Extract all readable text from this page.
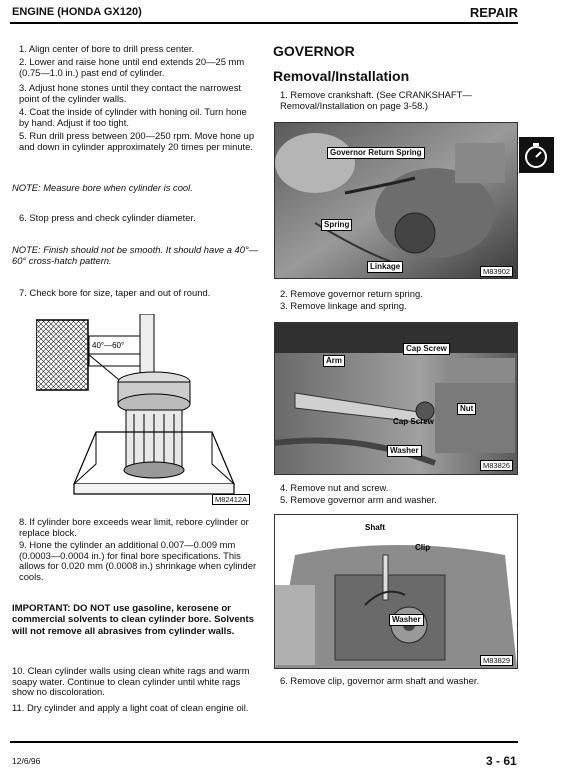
ENGINE (HONDA GX120)	REPAIR
1. Align center of bore to drill press center.
2. Lower and raise hone until end extends 20—25 mm (0.75—1.0 in.) past end of cylinder.
3. Adjust hone stones until they contact the narrowest point of the cylinder walls.
4. Coat the inside of cylinder with honing oil. Turn hone by hand. Adjust if too tight.
5. Run drill press between 200—250 rpm. Move hone up and down in cylinder approximately 20 times per minute.
NOTE: Measure bore when cylinder is cool.
6. Stop press and check cylinder diameter.
NOTE: Finish should not be smooth. It should have a 40°—60° cross-hatch pattern.
7. Check bore for size, taper and out of round.
40°—60°
M82412A
8. If cylinder bore exceeds wear limit, rebore cylinder or replace block.
9. Hone the cylinder an additional 0.007—0.009 mm (0.0003—0.0004 in.) for final bore specifications. This allows for 0.020 mm (0.0008 in.) shrinkage when cylinder cools.
IMPORTANT: DO NOT use gasoline, kerosene or commercial solvents to clean cylinder bore. Solvents will not remove all abrasives from cylinder walls.
10. Clean cylinder walls using clean white rags and warm soapy water. Continue to clean cylinder until white rags show no discoloration.
11. Dry cylinder and apply a light coat of clean engine oil.
GOVERNOR
Removal/Installation
1. Remove crankshaft. (See CRANKSHAFT—Removal/Installation on page 3-58.)
Governor Return Spring
Spring
Linkage
M83902
2. Remove governor return spring.
3. Remove linkage and spring.
Cap Screw
Arm
Nut
Cap Screw
Washer
M83826
4. Remove nut and screw.
5. Remove governor arm and washer.
Shaft
Clip
Washer
M83829
6. Remove clip, governor arm shaft and washer.
12/6/96	3 - 61
